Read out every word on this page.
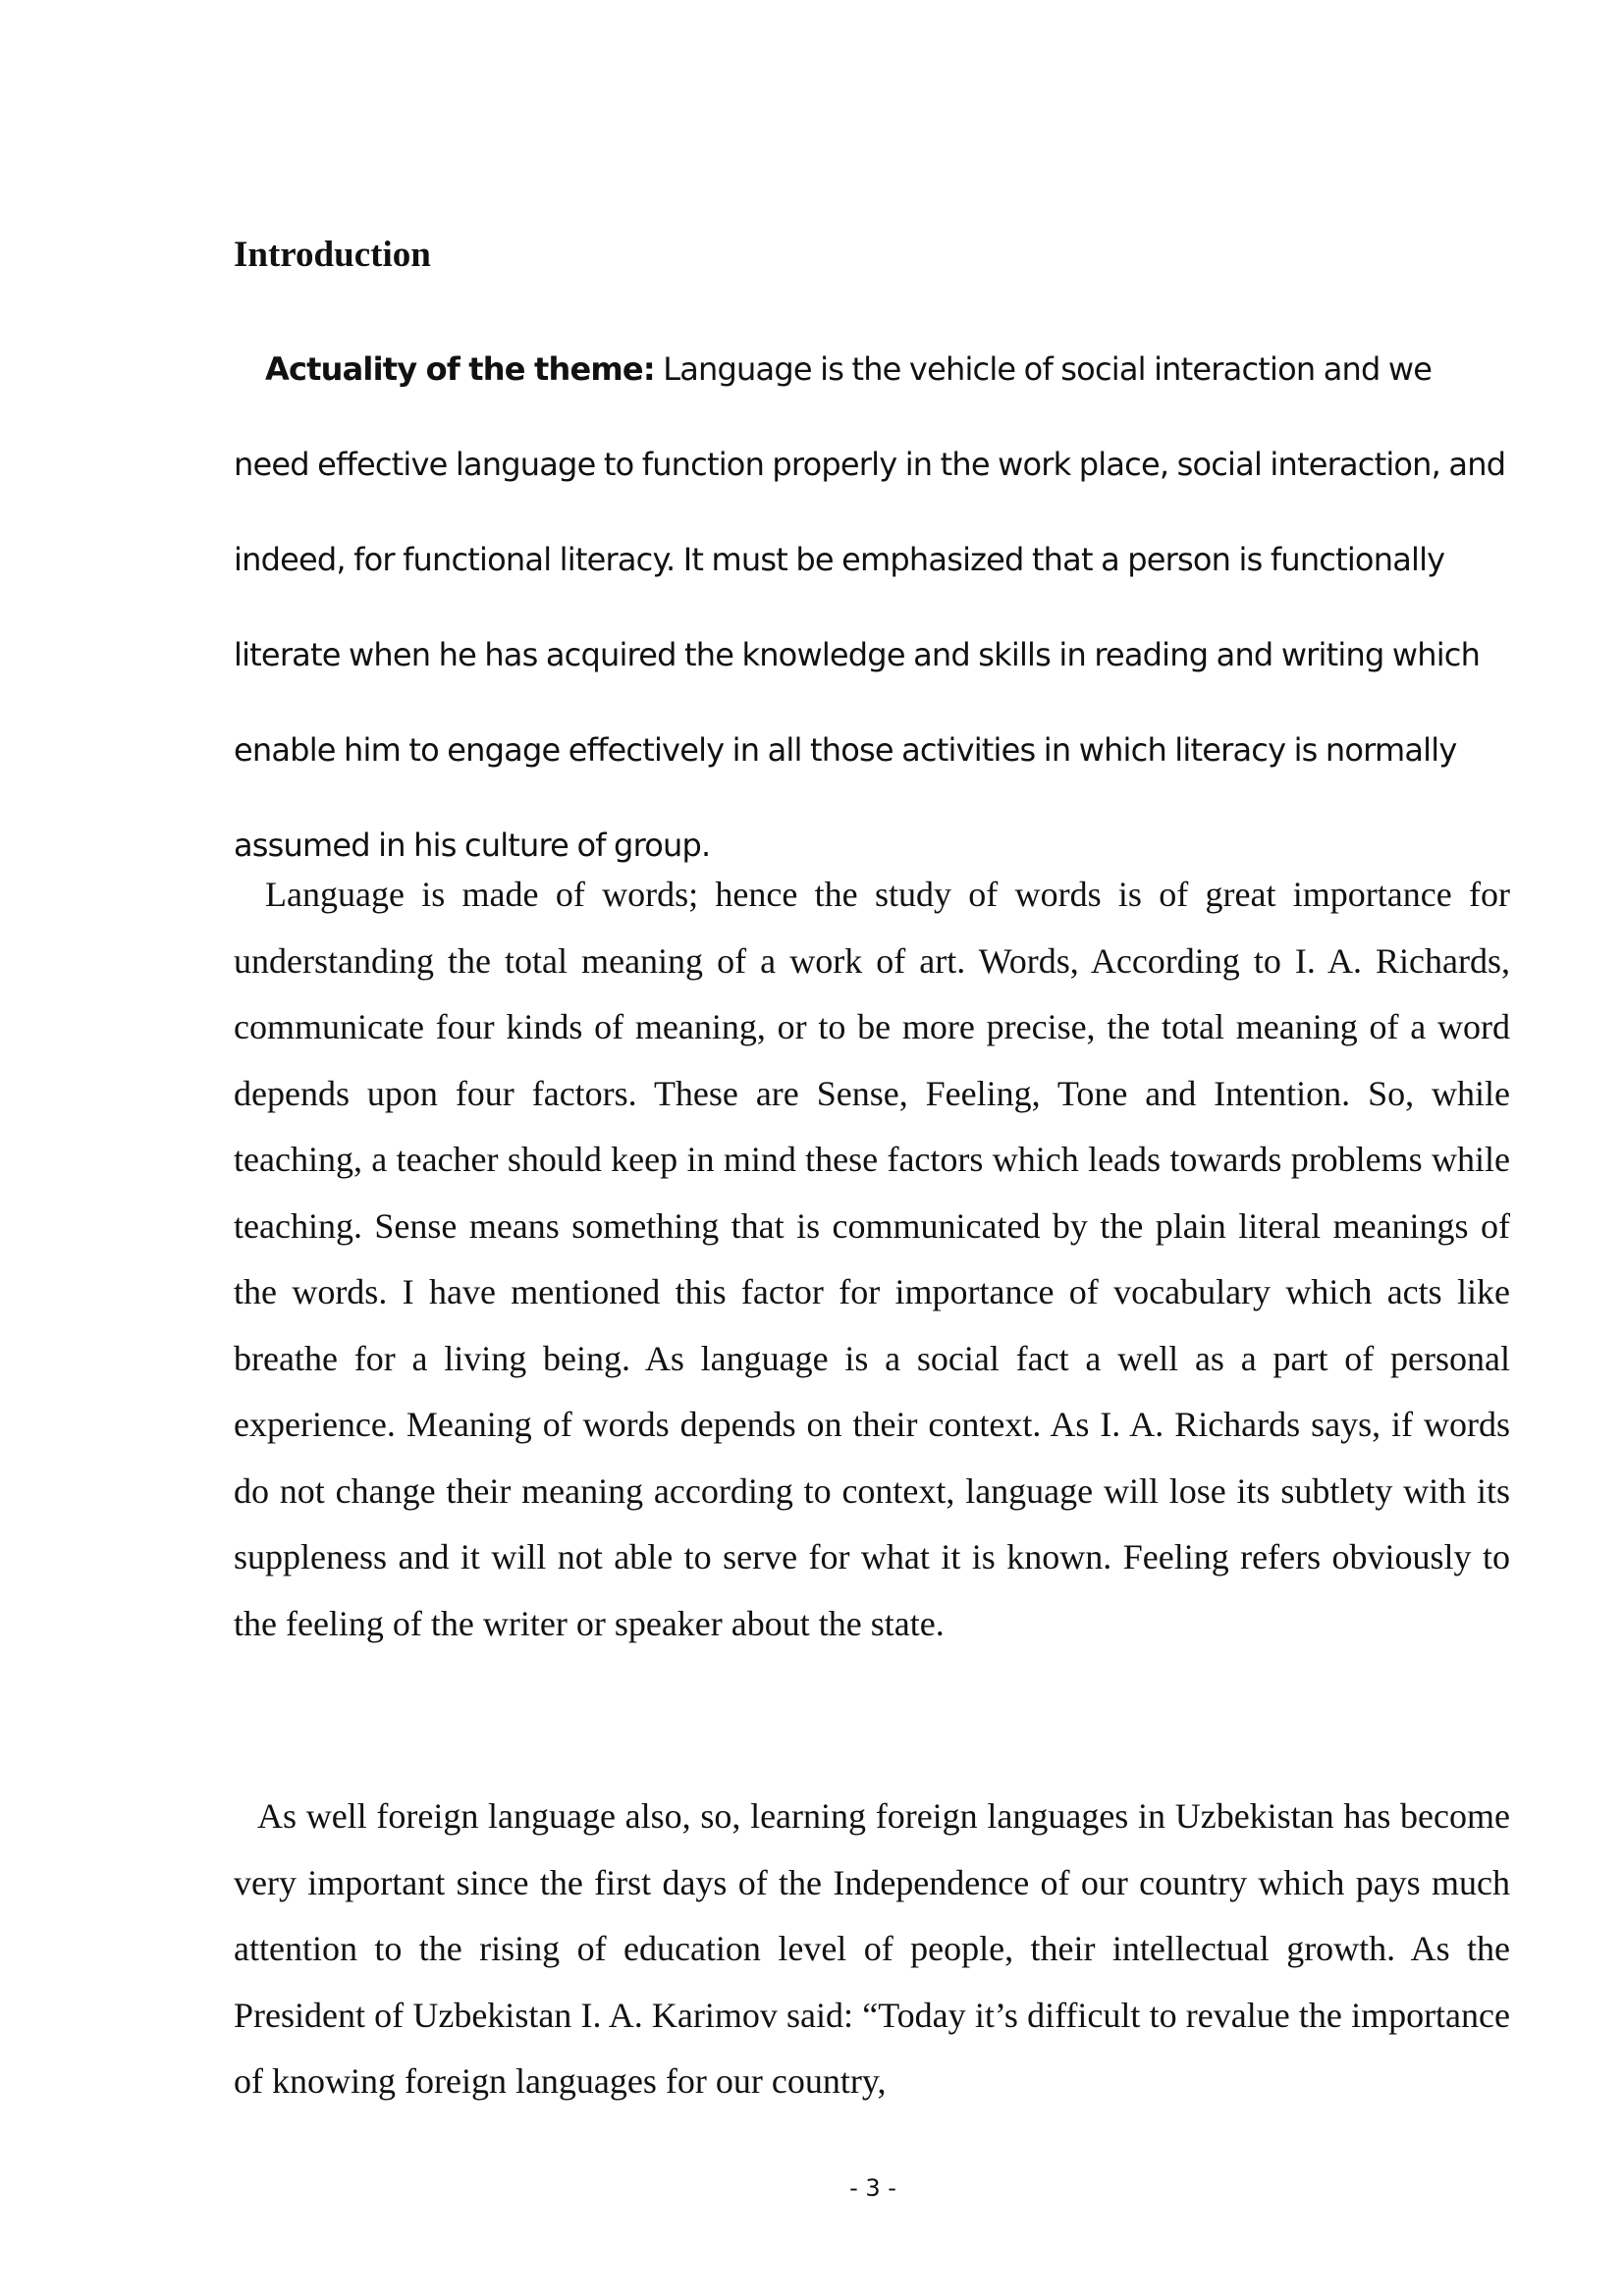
Introduction

Actuality of the theme: Language is the vehicle of social interaction and we need effective language to function properly in the work place, social interaction, and indeed, for functional literacy. It must be emphasized that a person is functionally literate when he has acquired the knowledge and skills in reading and writing which enable him to engage effectively in all those activities in which literacy is normally assumed in his culture of group.

Language is made of words; hence the study of words is of great importance for understanding the total meaning of a work of art. Words, According to I. A. Richards, communicate four kinds of meaning, or to be more precise, the total meaning of a word depends upon four factors. These are Sense, Feeling, Tone and Intention. So, while teaching, a teacher should keep in mind these factors which leads towards problems while teaching. Sense means something that is communicated by the plain literal meanings of the words. I have mentioned this factor for importance of vocabulary which acts like breathe for a living being. As language is a social fact a well as a part of personal experience. Meaning of words depends on their context. As I. A. Richards says, if words do not change their meaning according to context, language will lose its subtlety with its suppleness and it will not able to serve for what it is known. Feeling refers obviously to the feeling of the writer or speaker about the state.

As well foreign language also, so, learning foreign languages in Uzbekistan has become very important since the first days of the Independence of our country which pays much attention to the rising of education level of people, their intellectual growth. As the President of Uzbekistan I. A. Karimov said: “Today it’s difficult to revalue the importance of knowing foreign languages for our country,

- 3 -
